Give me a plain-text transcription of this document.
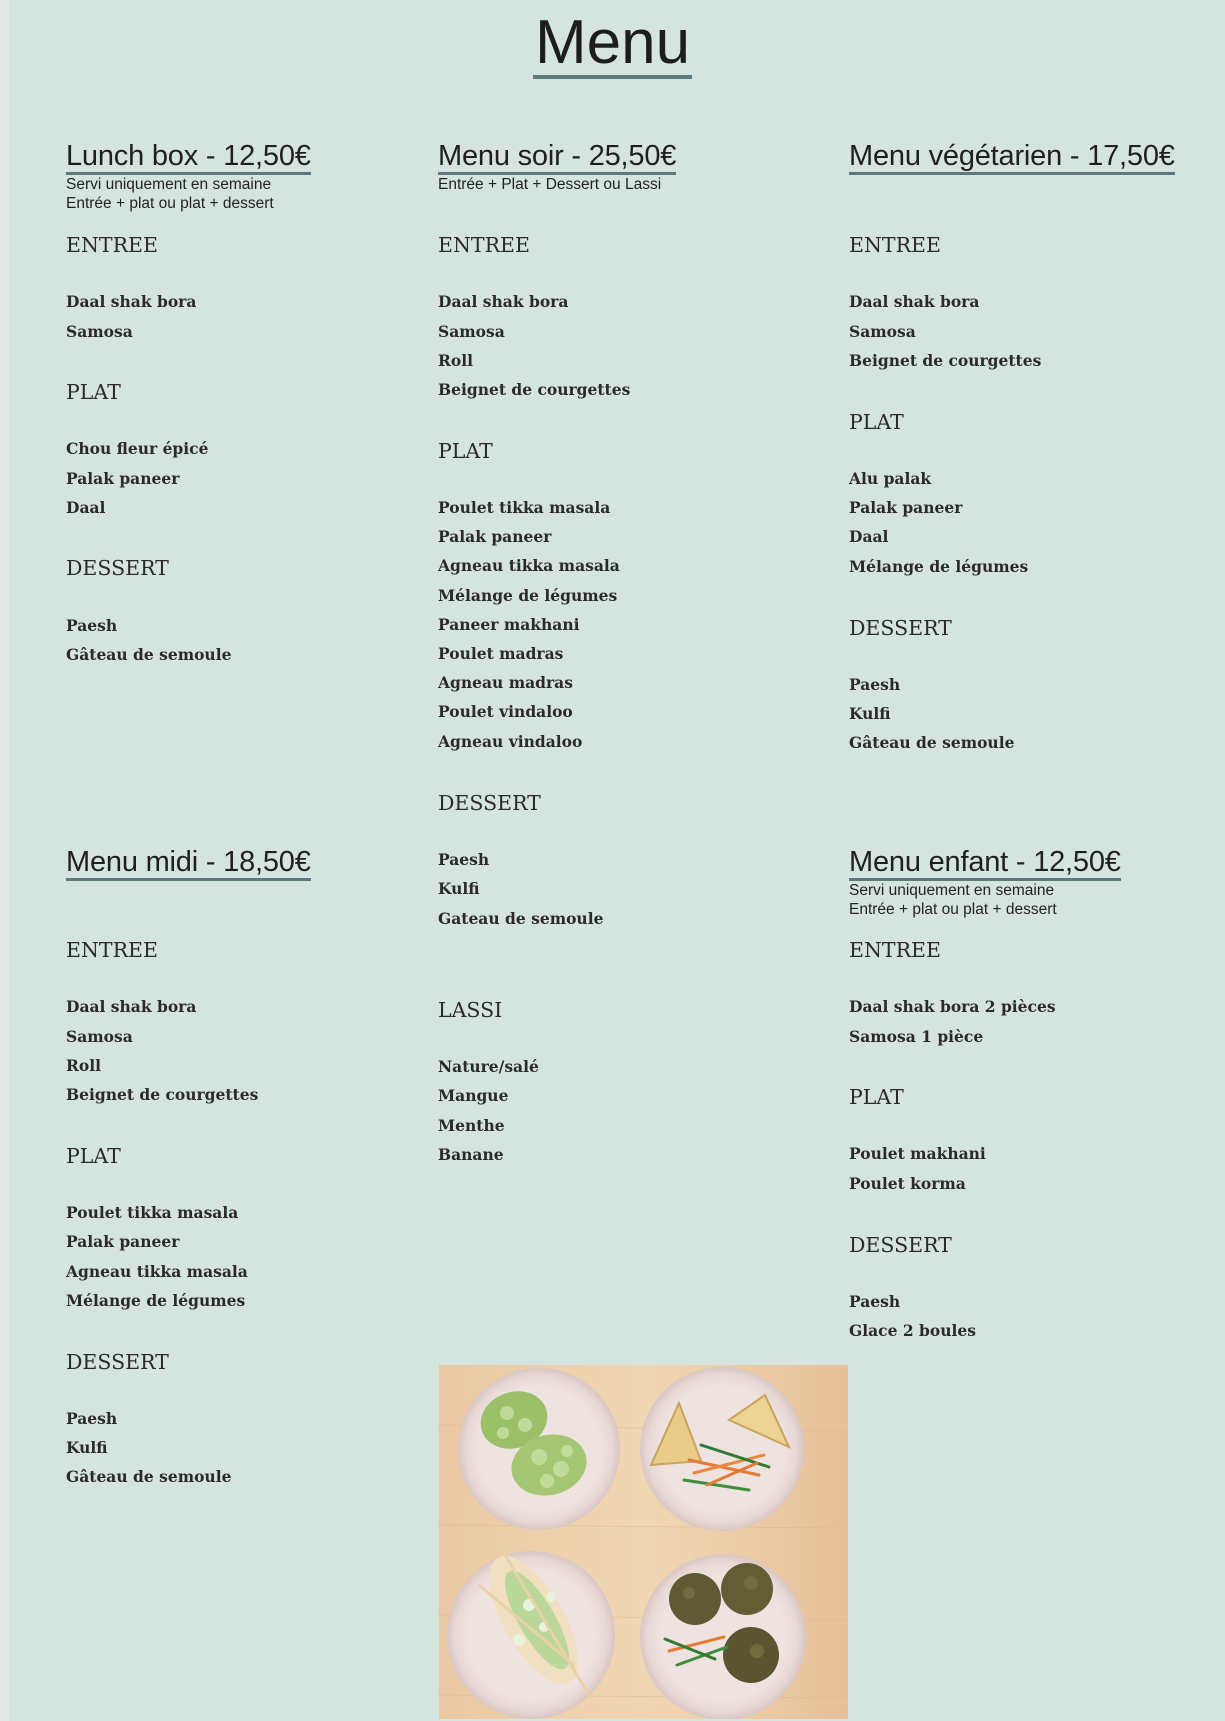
Menu
Lunch box - 12,50€
Servi uniquement en semaine
Entrée + plat ou plat + dessert
ENTREE
Daal shak bora
Samosa
PLAT
Chou fleur épicé
Palak paneer
Daal
DESSERT
Paesh
Gâteau de semoule
Menu soir - 25,50€
Entrée + Plat + Dessert ou Lassi
ENTREE
Daal shak bora
Samosa
Roll
Beignet de courgettes
PLAT
Poulet tikka masala
Palak paneer
Agneau tikka masala
Mélange de légumes
Paneer makhani
Poulet madras
Agneau madras
Poulet vindaloo
Agneau vindaloo
DESSERT
Paesh
Kulfi
Gateau de semoule
LASSI
Nature/salé
Mangue
Menthe
Banane
Menu végétarien - 17,50€
ENTREE
Daal shak bora
Samosa
Beignet de courgettes
PLAT
Alu palak
Palak paneer
Daal
Mélange de légumes
DESSERT
Paesh
Kulfi
Gâteau de semoule
Menu midi - 18,50€
ENTREE
Daal shak bora
Samosa
Roll
Beignet de courgettes
PLAT
Poulet tikka masala
Palak paneer
Agneau tikka masala
Mélange de légumes
DESSERT
Paesh
Kulfi
Gâteau de semoule
Menu enfant - 12,50€
Servi uniquement en semaine
Entrée + plat ou plat + dessert
ENTREE
Daal shak bora 2 pièces
Samosa 1 pièce
PLAT
Poulet makhani
Poulet korma
DESSERT
Paesh
Glace 2 boules
